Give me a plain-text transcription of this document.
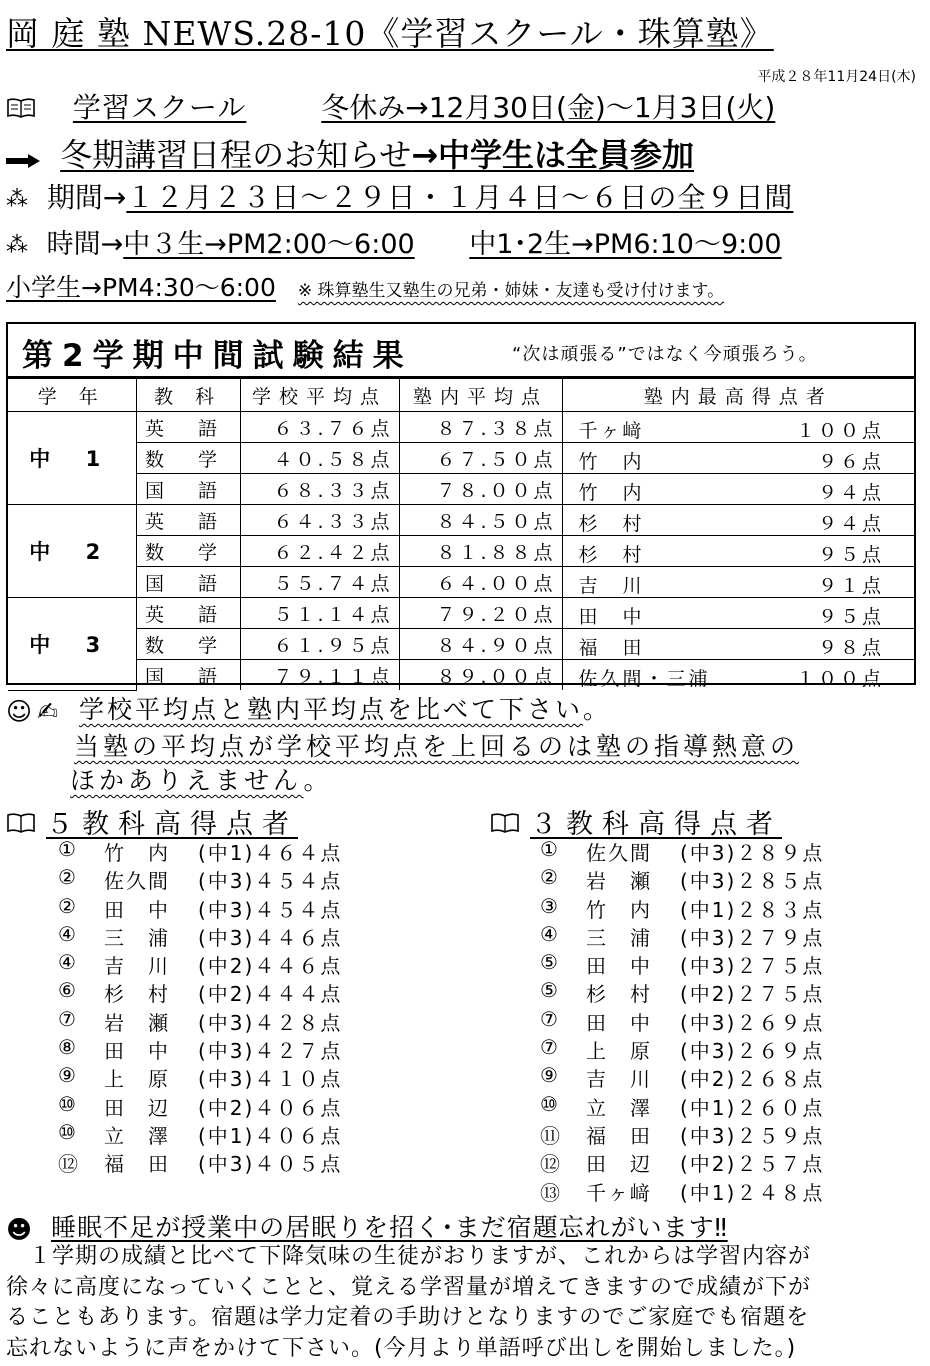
岡 庭 塾 NEWS.28-10《学習スクール・珠算塾》
平成２８年11月24日(木)
学習スクール	冬休み→12月30日(金)～1月3日(火)
冬期講習日程のお知らせ→中学生は全員参加
⁂ 期間→１２月２３日～２９日・１月４日～６日の全９日間
⁂ 時間→中３生→PM2:00～6:00 中1･2生→PM6:10～9:00
小学生→PM4:30～6:00 ※ 珠算塾生又塾生の兄弟・姉妹・友達も受け付けます。
第2学期中間試験結果	“次は頑張る”ではなく今頑張ろう。
学 年	教 科	学校平均点	塾内平均点	塾内最高得点者
中 1	英 語	６３.７６点	８７.３８点	千ヶ﨑 １００点

	数 学	４０.５８点	６７.５０点	竹　内 ９６点

	国 語	６８.３３点	７８.００点	竹　内 ９４点

中 2	英 語	６４.３３点	８４.５０点	杉　村 ９４点

	数 学	６２.４２点	８１.８８点	杉　村 ９５点

	国 語	５５.７４点	６４.００点	吉　川 ９１点

中 3	英 語	５１.１４点	７９.２０点	田　中 ９５点

	数 学	６１.９５点	８４.９０点	福　田 ９８点

	国 語	７９.１１点	８９.００点	佐久間・三浦 １００点
☺✍ 学校平均点と塾内平均点を比べて下さい。
当塾の平均点が学校平均点を上回るのは塾の指導熱意の
ほかありえません。
５教科高得点者	３教科高得点者
① 竹　内 (中1)４６４点
② 佐久間 (中3)４５４点
② 田　中 (中3)４５４点
④ 三　浦 (中3)４４６点
④ 吉　川 (中2)４４６点
⑥ 杉　村 (中2)４４４点
⑦ 岩　瀬 (中3)４２８点
⑧ 田　中 (中3)４２７点
⑨ 上　原 (中3)４１０点
⑩ 田　辺 (中2)４０６点
⑩ 立　澤 (中1)４０６点
⑫ 福　田 (中3)４０５点
① 佐久間 (中3)２８９点
② 岩　瀬 (中3)２８５点
③ 竹　内 (中1)２８３点
④ 三　浦 (中3)２７９点
⑤ 田　中 (中3)２７５点
⑤ 杉　村 (中2)２７５点
⑦ 田　中 (中3)２６９点
⑦ 上　原 (中3)２６９点
⑨ 吉　川 (中2)２６８点
⑩ 立　澤 (中1)２６０点
⑪ 福　田 (中3)２５９点
⑫ 田　辺 (中2)２５７点
⑬ 千ヶ﨑 (中1)２４８点
☻ 睡眠不足が授業中の居眠りを招く･まだ宿題忘れがいます‼
　１学期の成績と比べて下降気味の生徒がおりますが、これからは学習内容が
徐々に高度になっていくことと、覚える学習量が増えてきますので成績が下が
ることもあります。宿題は学力定着の手助けとなりますのでご家庭でも宿題を
忘れないように声をかけて下さい。(今月より単語呼び出しを開始しました。)
